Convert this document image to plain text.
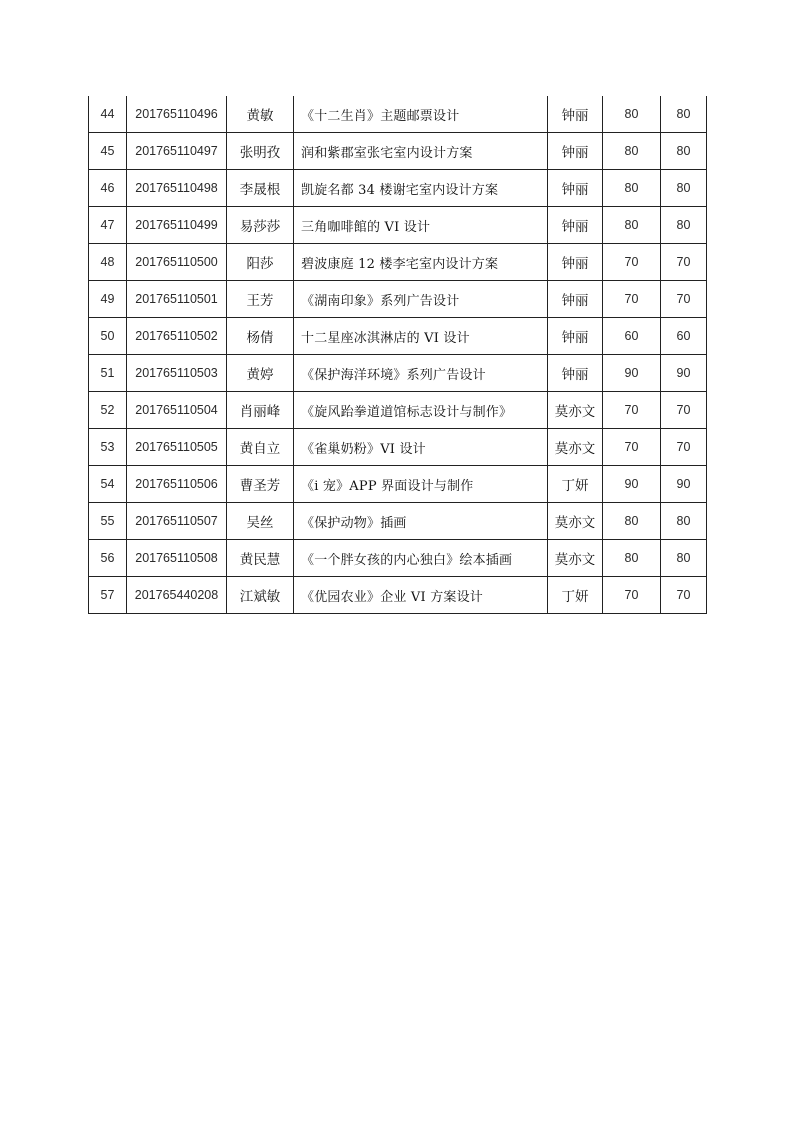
44	201765110496	黄敏	《十二生肖》主题邮票设计	钟丽	80	80
45	201765110497	张明孜	润和紫郡室张宅室内设计方案	钟丽	80	80
46	201765110498	李晟根	凯旋名都 34 楼谢宅室内设计方案	钟丽	80	80
47	201765110499	易莎莎	三角咖啡館的 VI 设计	钟丽	80	80
48	201765110500	阳莎	碧波康庭 12 楼李宅室内设计方案	钟丽	70	70
49	201765110501	王芳	《湖南印象》系列广告设计	钟丽	70	70
50	201765110502	杨倩	十二星座冰淇淋店的 VI 设计	钟丽	60	60
51	201765110503	黄婷	《保护海洋环境》系列广告设计	钟丽	90	90
52	201765110504	肖丽峰	《旋风跆拳道道馆标志设计与制作》	莫亦文	70	70
53	201765110505	黄自立	《雀巢奶粉》VI 设计	莫亦文	70	70
54	201765110506	曹圣芳	《i 宠》APP 界面设计与制作	丁妍	90	90
55	201765110507	吴丝	《保护动物》插画	莫亦文	80	80
56	201765110508	黄民慧	《一个胖女孩的内心独白》绘本插画	莫亦文	80	80
57	201765440208	江斌敏	《优园农业》企业 VI 方案设计	丁妍	70	70
